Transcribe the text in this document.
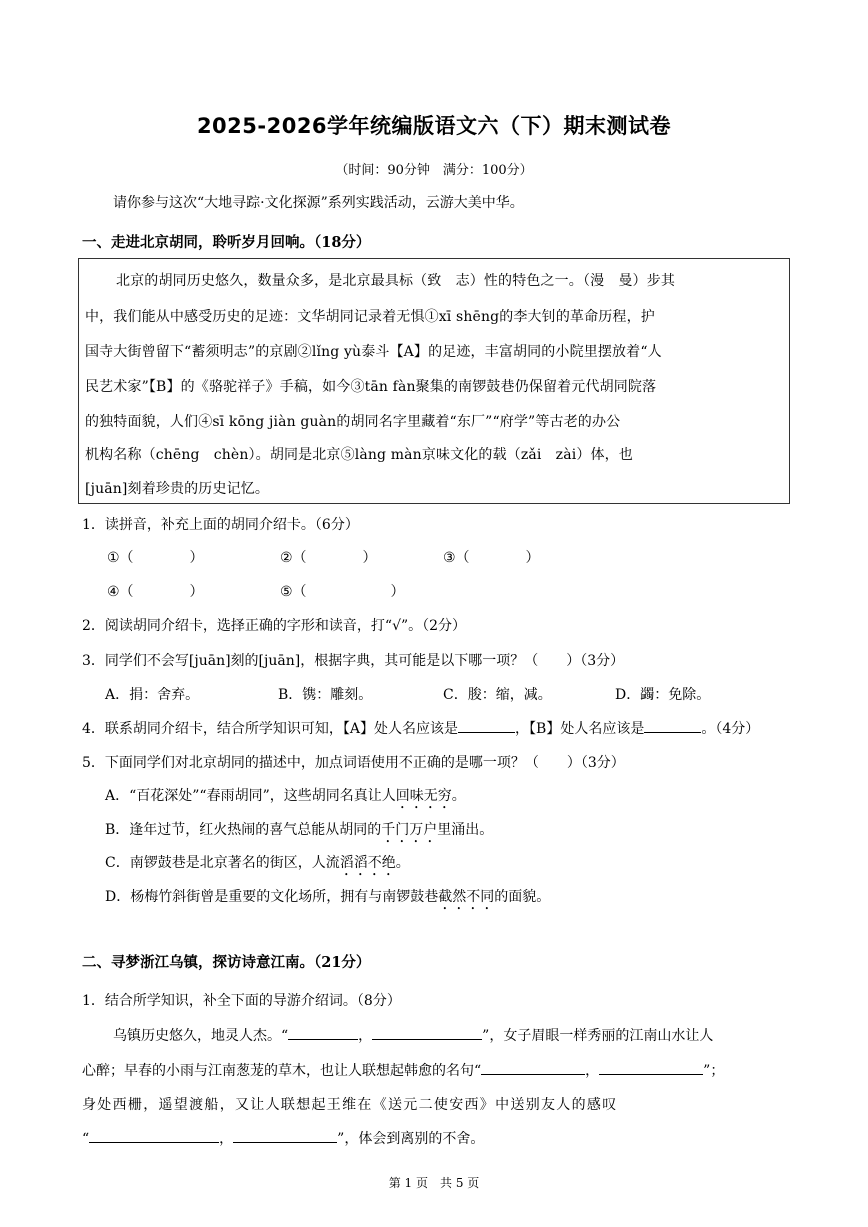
2025-2026学年统编版语文六（下）期末测试卷
（时间：90分钟　满分：100分）
请你参与这次“大地寻踪·文化探源”系列实践活动，云游大美中华。
一、走进北京胡同，聆听岁月回响。（18分）
北京的胡同历史悠久，数量众多，是北京最具标（致　志）性的特色之一。（漫　曼）步其
中，我们能从中感受历史的足迹：文华胡同记录着无惧①xī shēng的李大钊的革命历程，护
国寺大街曾留下“蓄须明志”的京剧②lǐng yù泰斗【A】的足迹，丰富胡同的小院里摆放着“人
民艺术家”【B】的《骆驼祥子》手稿，如今③tān fàn聚集的南锣鼓巷仍保留着元代胡同院落
的独特面貌，人们④sī kōng jiàn guàn的胡同名字里藏着“东厂”“府学”等古老的办公
机构名称（chēng　chèn）。胡同是北京⑤làng màn京味文化的载（zǎi　zài）体，也
[juān]刻着珍贵的历史记忆。
1．读拼音，补充上面的胡同介绍卡。（6分）
①（　　　　）	②（　　　　）	③（　　　　）
④（　　　　）	⑤（　　　　　　）
2．阅读胡同介绍卡，选择正确的字形和读音，打“√”。（2分）
3．同学们不会写[juān]刻的[juān]，根据字典，其可能是以下哪一项？（　　）（3分）
A．捐：舍弃。	B．镌：雕刻。	C．朘：缩，减。	D．蠲：免除。
4．联系胡同介绍卡，结合所学知识可知，【A】处人名应该是	，【B】处人名应该是	。（4分）
5．下面同学们对北京胡同的描述中，加点词语使用不正确的是哪一项？（　　）（3分）
A．“百花深处”“春雨胡同”，这些胡同名真让人回味无穷。
B．逢年过节，红火热闹的喜气总能从胡同的千门万户里涌出。
C．南锣鼓巷是北京著名的街区，人流滔滔不绝。
D．杨梅竹斜街曾是重要的文化场所，拥有与南锣鼓巷截然不同的面貌。
二、寻梦浙江乌镇，探访诗意江南。（21分）
1．结合所学知识，补全下面的导游介绍词。（8分）
乌镇历史悠久，地灵人杰。“	，	”，女子眉眼一样秀丽的江南山水让人
心醉；早春的小雨与江南葱茏的草木，也让人联想起韩愈的名句“	，	”；
身处西栅，遥望渡船，又让人联想起王维在《送元二使安西》中送别友人的感叹
“	，	”，体会到离别的不舍。
第 1 页　共 5 页
